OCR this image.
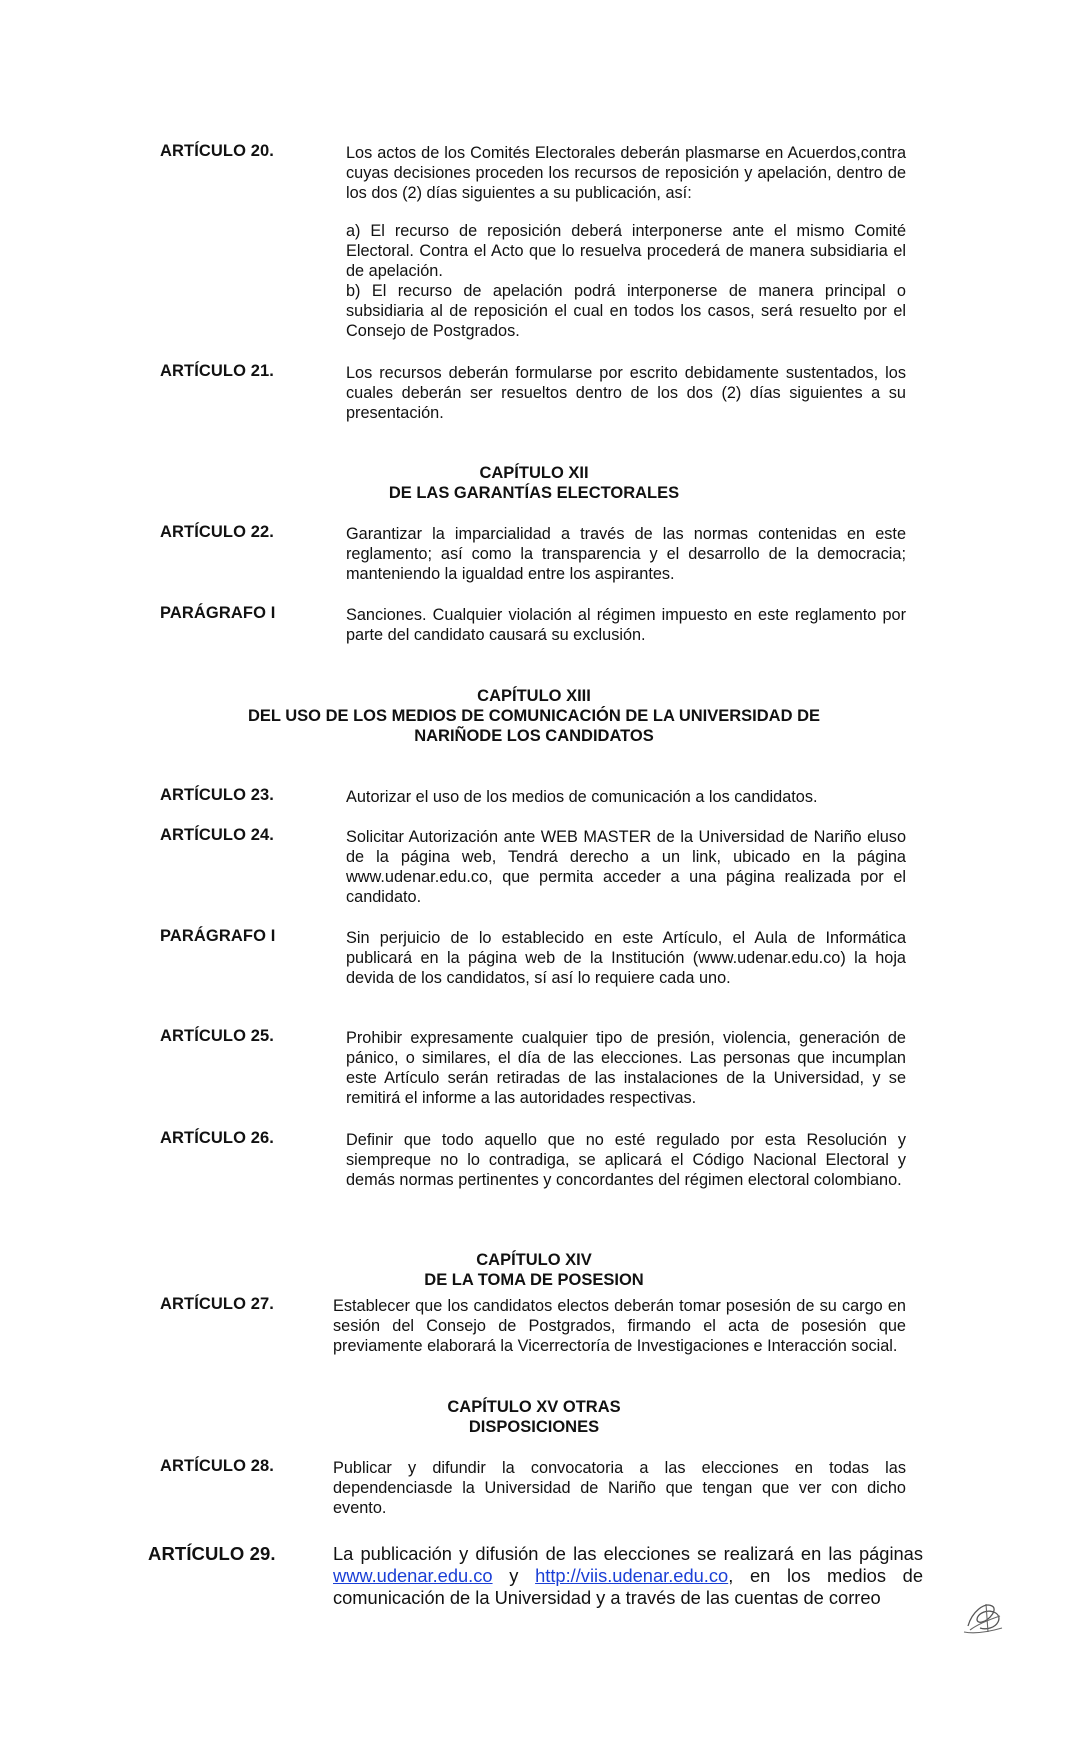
ARTÍCULO 20.	Los actos de los Comités Electorales deberán plasmarse en Acuerdos,contra cuyas decisiones proceden los recursos de reposición y apelación, dentro de los dos (2) días siguientes a su publicación, así:

a) El recurso de reposición deberá interponerse ante el mismo Comité Electoral. Contra el Acto que lo resuelva procederá de manera subsidiaria el de apelación.

b) El recurso de apelación podrá interponerse de manera principal o subsidiaria al de reposición el cual en todos los casos, será resuelto por el Consejo de Postgrados.

ARTÍCULO 21.	Los recursos deberán formularse por escrito debidamente sustentados, los cuales deberán ser resueltos dentro de los dos (2) días siguientes a su presentación.
CAPÍTULO XII
DE LAS GARANTÍAS ELECTORALES
ARTÍCULO 22.	Garantizar la imparcialidad a través de las normas contenidas en este reglamento; así como la transparencia y el desarrollo de la democracia; manteniendo la igualdad entre los aspirantes.
PARÁGRAFO I	Sanciones. Cualquier violación al régimen impuesto en este reglamento por parte del candidato causará su exclusión.
CAPÍTULO XIII
DEL USO DE LOS MEDIOS DE COMUNICACIÓN DE LA UNIVERSIDAD DE
NARIÑODE LOS CANDIDATOS
ARTÍCULO 23.	Autorizar el uso de los medios de comunicación a los candidatos.
ARTÍCULO 24.	Solicitar Autorización ante WEB MASTER de la Universidad de Nariño eluso de la página web, Tendrá derecho a un link, ubicado en la página www.udenar.edu.co, que permita acceder a una página realizada por el candidato.
PARÁGRAFO I	Sin perjuicio de lo establecido en este Artículo, el Aula de Informática publicará en la página web de la Institución (www.udenar.edu.co) la hoja devida de los candidatos, sí así lo requiere cada uno.
ARTÍCULO 25.	Prohibir expresamente cualquier tipo de presión, violencia, generación de pánico, o similares, el día de las elecciones. Las personas que incumplan este Artículo serán retiradas de las instalaciones de la Universidad, y se remitirá el informe a las autoridades respectivas.
ARTÍCULO 26.	Definir que todo aquello que no esté regulado por esta Resolución y siempreque no lo contradiga, se aplicará el Código Nacional Electoral y demás normas pertinentes y concordantes del régimen electoral colombiano.
CAPÍTULO XIV
DE LA TOMA DE POSESION
ARTÍCULO 27.	Establecer que los candidatos electos deberán tomar posesión de su cargo en sesión del Consejo de Postgrados, firmando el acta de posesión que previamente elaborará la Vicerrectoría de Investigaciones e Interacción social.
CAPÍTULO XV OTRAS
DISPOSICIONES
ARTÍCULO 28.	Publicar y difundir la convocatoria a las elecciones en todas las dependenciasde la Universidad de Nariño que tengan que ver con dicho evento.
ARTÍCULO 29.	La publicación y difusión de las elecciones se realizará en las páginas www.udenar.edu.co y http://viis.udenar.edu.co, en los medios de comunicación de la Universidad y a través de las cuentas de correo
